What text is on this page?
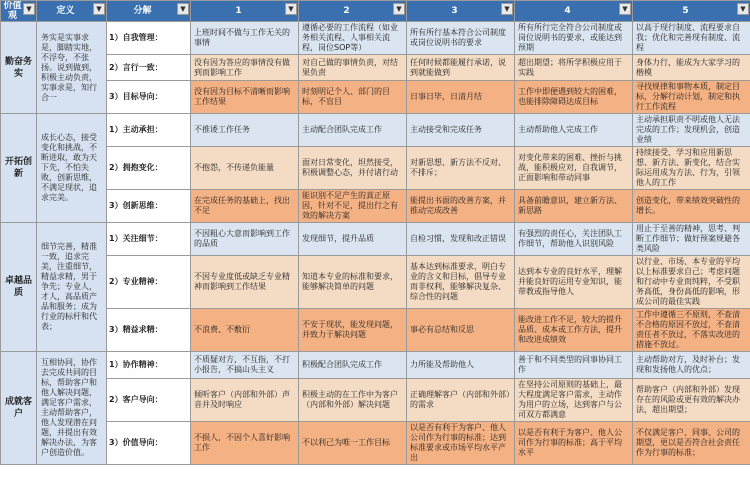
价值观
▼	定义 ▼	分解 ▼	1 ▼	2 ▼	3 ▼	4 ▼	5 ▼

勤奋务实	务实是实事求是，脚踏实地，不浮夸，不张扬。说到做到，积极主动负责，实事求是，知行合一	1）自我管理：	上班时间不做与工作无关的事情	遵循必要的工作流程（如业务相关流程、人事相关流程，岗位SOP等）	所有所行基本符合公司制度或岗位说明书的要求	所有所行完全符合公司制度或岗位说明书的要求，或能达到预期	以高于现行制度、流程要求自我；优化和完善现有制度、流程
		2）言行一致：	没有因为答应的事情没有做到而影响工作	对自己做的事情负责，对结果负责	任何时候都能履行承诺，说到就能做到	超出期望；将所学积极应用于实践	身体力行，能成为大家学习的楷模
		3）目标导向：	没有因为目标不清晰而影响工作结果	时刻明记个人、部门的目标，不盲目	日事日毕，日清月结	工作中即便遇到较大的困难，也能排除障碍达成目标	寻找规律和事物本质，制定目标，分解行动计划，制定和执行工作流程
开拓创新	成长心态，接受变化和挑战，不断进取，敢为天下先，不怕失败，创新思维，不满足现状，追求完美。	1）主动承担：	不推诿工作任务	主动配合团队完成工作	主动接受和完成任务	主动帮助他人完成工作	主动承担职责不明或他人无法完成的工作；发现机会，创造业绩
		2）拥抱变化：	不抱怨，不传递负能量	面对日常变化，坦然接受，积极调整心态，并付诸行动	对新思想、新方法不反对、不排斥；	对变化带来的困难、挫折与挑战，能积极应对，自我调节，正面影响和带动同事	持续接受、学习和应用新思想、新方法、新变化，结合实际运用成为方法、行为，引领他人的工作
		3）创新思维：	在完成任务的基础上，找出不足	能识别不足产生的真正原因，针对不足，提出行之有效的解决方案	能提出书面的改善方案，并推动完成改善	具备前瞻意识，建立新方法、新思路	创造变化，带来绩效突破性的增长。
卓越品质	细节完善，精准一致，追求完美，注重细节，精益求精，男于争先；专业人，才人，高品质产品和服务；成为行业的标杆和代表；	1）关注细节：	不因粗心大意而影响到工作的品质	发现细节，提升品质	自检习惯，发现和改正错误	有强烈的责任心，关注团队工作细节，帮助他人识别风险	用止于至善的精神，思考、判断工作细节；做好预案规避各类风险
		2）专业精神：	不因专业度低或缺乏专业精神而影响到工作结果	知道本专业的标准和要求，能够解决简单的问题	基本达到标准要求，明白专业的含义和目标，倡导专业而非权利，能够解决复杂、综合性的问题	达到本专业的良好水平，理解并能良好的运用专业知识，能带教或指导他人	以行业、市场、本专业的平均以上标准要求自己；考虑问题和行动中专业而纯粹，不受职务高低，身份高低的影响，形成公司的最佳实践
		3）精益求精：	不浪费、不敷衍	不安于现状，能发现问题，并致力于解决问题	事必有总结和反思	能改进工作不足，较大的提升品质、成本或工作方法，提升和改进成绩效	工作中遵循三不原则，不查清不合格的原因不放过，不查清责任者不放过，不落实改进的措施不放过。
成就客户	互相协同，协作去完成共同的目标，帮助客户和他人解决问题，满足客户需求，主动帮助客户，他人发现潜在问题，并提出有效解决办法，为客户创造价值。	1）协作精神：	不质疑对方，不互指，不打小报告，不搞山头主义	积极配合团队完成工作	力所能及帮助他人	善于和不同类型的同事协同工作	主动帮助对方，及时补台；发现和发扬他人的优点；
		2）客户导向：	倾听客户（内部和外部）声音并及时响应	积极主动的在工作中为客户（内部和外部）解决问题	正确理解客户（内部和外部）的需求	在坚持公司原则的基础上，最大程度满足客户需求，主动作为用户的立场，达到客户与公司双方都满意	帮助客户（内部和外部）发现存在的风险或更有效的解决办法，超出期望；
		3）价值导向：	不损人，不因个人喜好影响工作	不以利己为唯一工作目标	以是否有利于为客户、他人公司作为行事的标准；达到标准要求或市场平均水平产出	以是否有利于为客户、他人公司作为行事的标准；高于平均水平	不仅满足客户、同事、公司的期望，更以是否符合社会责任作为行事的标准；
